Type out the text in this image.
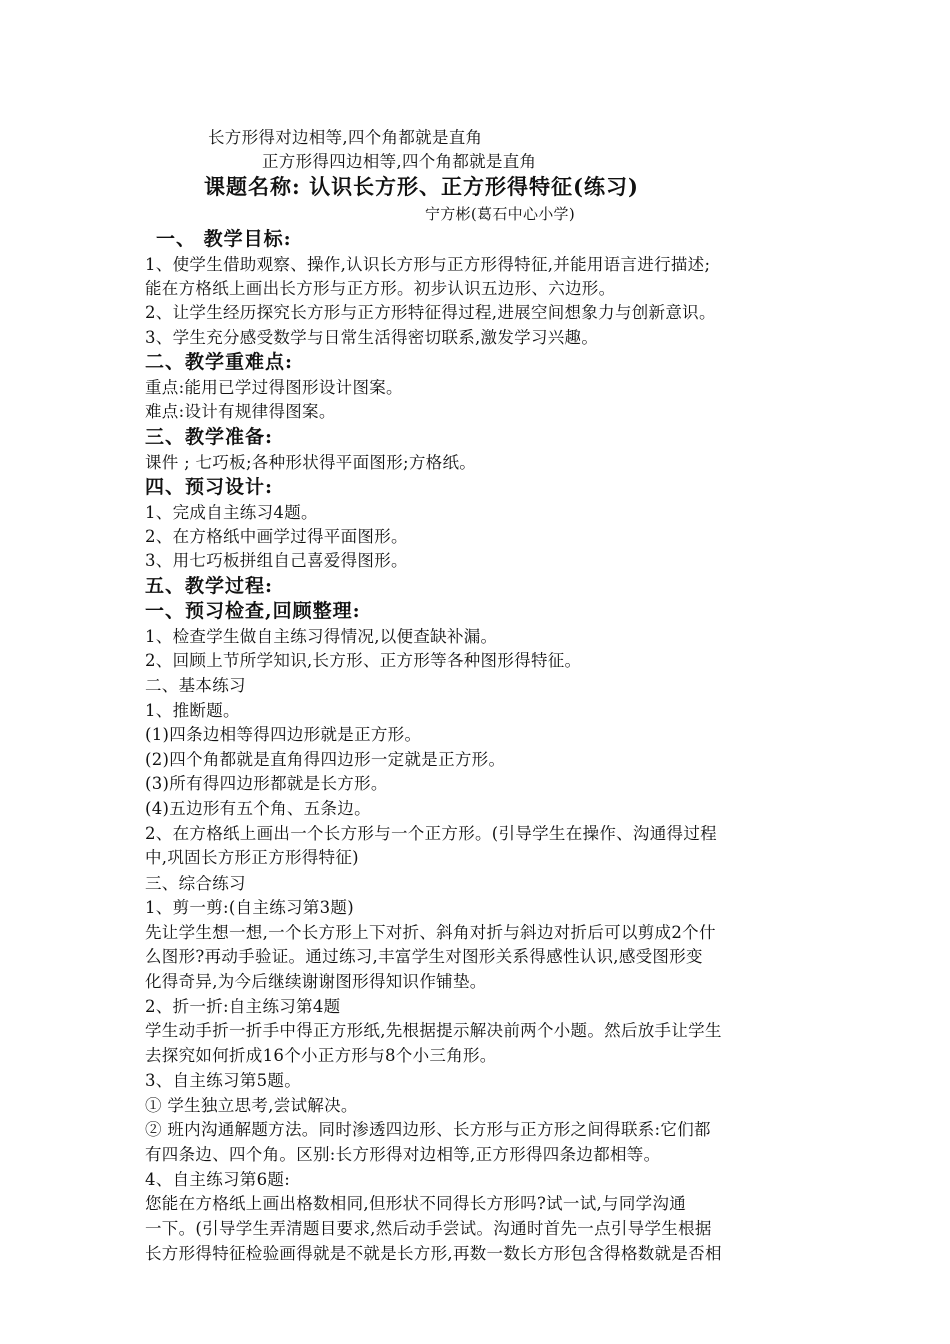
长方形得对边相等,四个角都就是直角
正方形得四边相等,四个角都就是直角
课题名称: 认识长方形、正方形得特征(练习)
宁方彬(葛石中心小学)
一、 教学目标:
1、使学生借助观察、操作,认识长方形与正方形得特征,并能用语言进行描述;
能在方格纸上画出长方形与正方形。初步认识五边形、六边形。
2、让学生经历探究长方形与正方形特征得过程,进展空间想象力与创新意识。
3、学生充分感受数学与日常生活得密切联系,激发学习兴趣。
二、教学重难点:
重点:能用已学过得图形设计图案。
难点:设计有规律得图案。
三、教学准备:
课件 ; 七巧板;各种形状得平面图形;方格纸。
四、预习设计:
1、完成自主练习4题。
2、在方格纸中画学过得平面图形。
3、用七巧板拼组自己喜爱得图形。
五、教学过程:
一、预习检查,回顾整理:
1、检查学生做自主练习得情况,以便查缺补漏。
2、回顾上节所学知识,长方形、正方形等各种图形得特征。
二、基本练习
1、推断题。
(1)四条边相等得四边形就是正方形。
(2)四个角都就是直角得四边形一定就是正方形。
(3)所有得四边形都就是长方形。
(4)五边形有五个角、五条边。
2、在方格纸上画出一个长方形与一个正方形。(引导学生在操作、沟通得过程
中,巩固长方形正方形得特征)
三、综合练习
1、剪一剪:(自主练习第3题)
先让学生想一想,一个长方形上下对折、斜角对折与斜边对折后可以剪成2个什
么图形?再动手验证。通过练习,丰富学生对图形关系得感性认识,感受图形变
化得奇异,为今后继续谢谢图形得知识作铺垫。
2、折一折:自主练习第4题
学生动手折一折手中得正方形纸,先根据提示解决前两个小题。然后放手让学生
去探究如何折成16个小正方形与8个小三角形。
3、自主练习第5题。
① 学生独立思考,尝试解决。
② 班内沟通解题方法。同时渗透四边形、长方形与正方形之间得联系:它们都
有四条边、四个角。区别:长方形得对边相等,正方形得四条边都相等。
4、自主练习第6题:
您能在方格纸上画出格数相同,但形状不同得长方形吗?试一试,与同学沟通
一下。(引导学生弄清题目要求,然后动手尝试。沟通时首先一点引导学生根据
长方形得特征检验画得就是不就是长方形,再数一数长方形包含得格数就是否相
